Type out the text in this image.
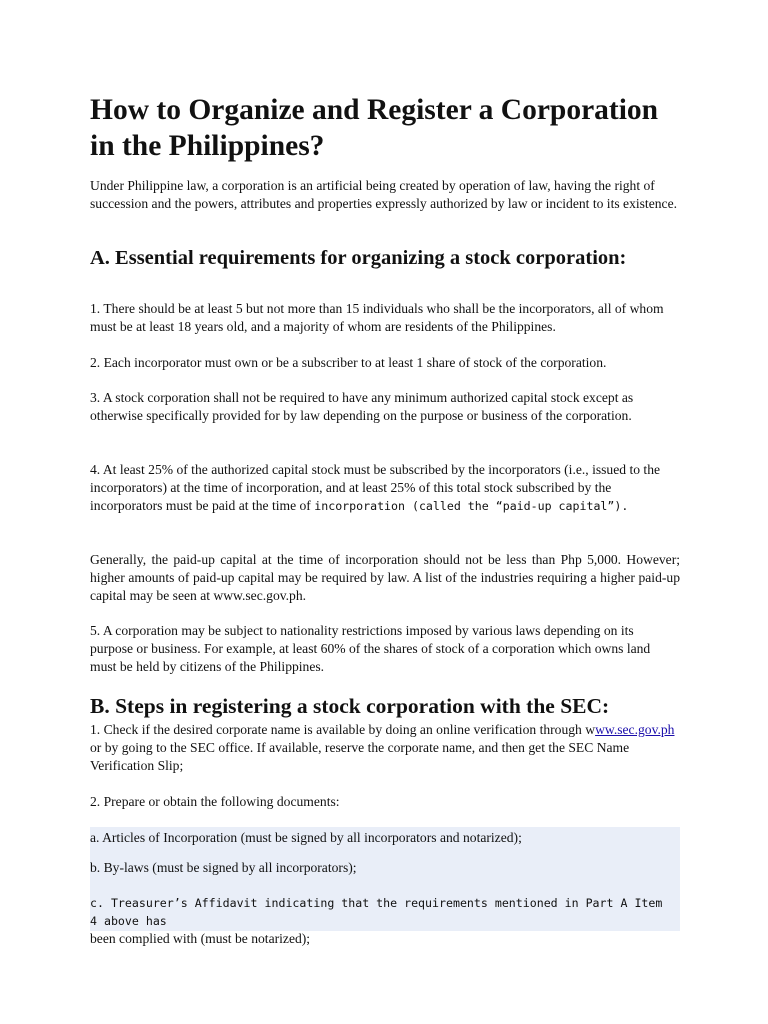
How to Organize and Register a Corporation in the Philippines?

Under Philippine law, a corporation is an artificial being created by operation of law, having the right of succession and the powers, attributes and properties expressly authorized by law or incident to its existence.

A. Essential requirements for organizing a stock corporation:

1. There should be at least 5 but not more than 15 individuals who shall be the incorporators, all of whom must be at least 18 years old, and a majority of whom are residents of the Philippines.

2. Each incorporator must own or be a subscriber to at least 1 share of stock of the corporation.

3. A stock corporation shall not be required to have any minimum authorized capital stock except as otherwise specifically provided for by law depending on the purpose or business of the corporation.

4. At least 25% of the authorized capital stock must be subscribed by the incorporators (i.e., issued to the incorporators) at the time of incorporation, and at least 25% of this total stock subscribed by the incorporators must be paid at the time of incorporation (called the “paid-up capital”).

Generally, the paid-up capital at the time of incorporation should not be less than Php 5,000. However; higher amounts of paid-up capital may be required by law. A list of the industries requiring a higher paid-up capital may be seen at www.sec.gov.ph.

5. A corporation may be subject to nationality restrictions imposed by various laws depending on its purpose or business. For example, at least 60% of the shares of stock of a corporation which owns land must be held by citizens of the Philippines.

B. Steps in registering a stock corporation with the SEC:

1. Check if the desired corporate name is available by doing an online verification through www.sec.gov.ph or by going to the SEC office. If available, reserve the corporate name, and then get the SEC Name Verification Slip;

2. Prepare or obtain the following documents:

a. Articles of Incorporation (must be signed by all incorporators and notarized);

b. By-laws (must be signed by all incorporators);

c. Treasurer’s Affidavit indicating that the requirements mentioned in Part A Item 4 above has
been complied with (must be notarized);
